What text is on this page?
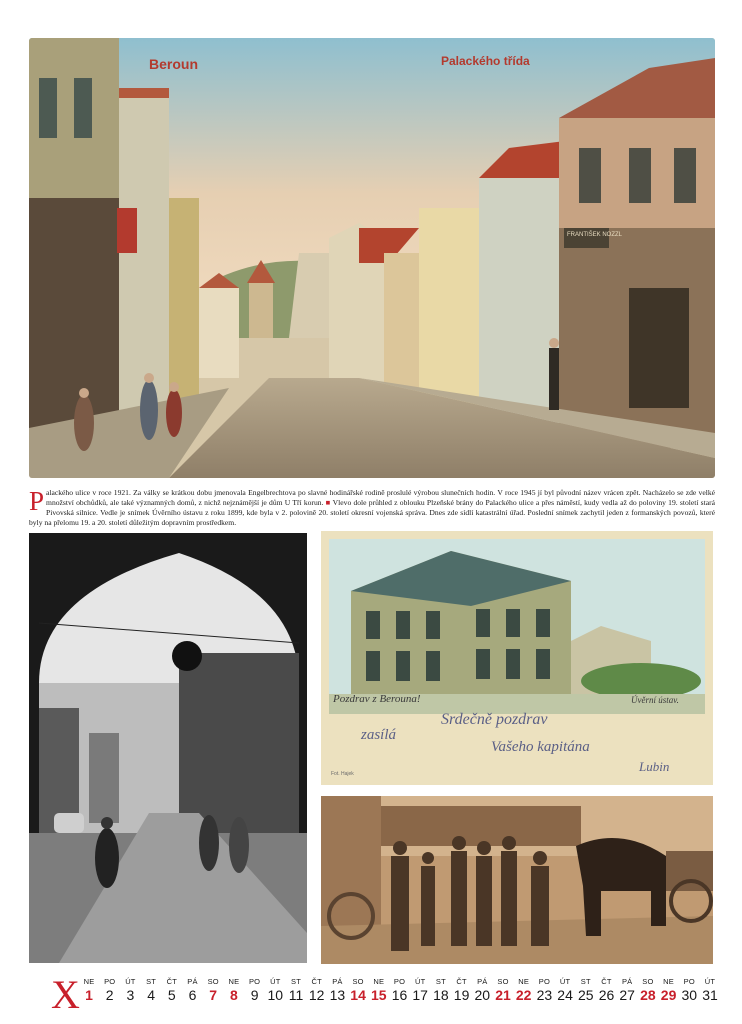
Beroun	Palackého třída
FRANTIŠEK NOZZL
Palackého ulice v roce 1921. Za války se krátkou dobu jmenovala Engelbrechtova po slavné hodinářské rodině proslulé výrobou slunečních hodin. V roce 1945 jí byl původní název vrácen zpět. Nacházelo se zde velké množství obchůdků, ale také významných domů, z nichž nejznámější je dům U Tří korun. ■ Vlevo dole průhled z oblouku Plzeňské brány do Palackého ulice a přes náměstí, kudy vedla až do poloviny 19. století stará Pivovská silnice. Vedle je snímek Úvěrního ústavu z roku 1899, kde byla v 2. polovině 20. století okresní vojenská správa. Dnes zde sídlí katastrální úřad. Poslední snímek zachytil jeden z formanských povozů, které byly na přelomu 19. a 20. století důležitým dopravním prostředkem.
Pozdrav z Berouna!	Úvěrní ústav.
Srdečně pozdrav
zasílá
Vašeho kapitána
Lubin
Fot. Hajek
X NE
1
PO
2
ÚT
3
ST
4
ČT
5
PÁ
6
SO
7
NE
8
PO
9
ÚT
10
ST
11
ČT
12
PÁ
13
SO
14
NE
15
PO
16
ÚT
17
ST
18
ČT
19
PÁ
20
SO
21
NE
22
PO
23
ÚT
24
ST
25
ČT
26
PÁ
27
SO
28
NE
29
PO
30
ÚT
31
